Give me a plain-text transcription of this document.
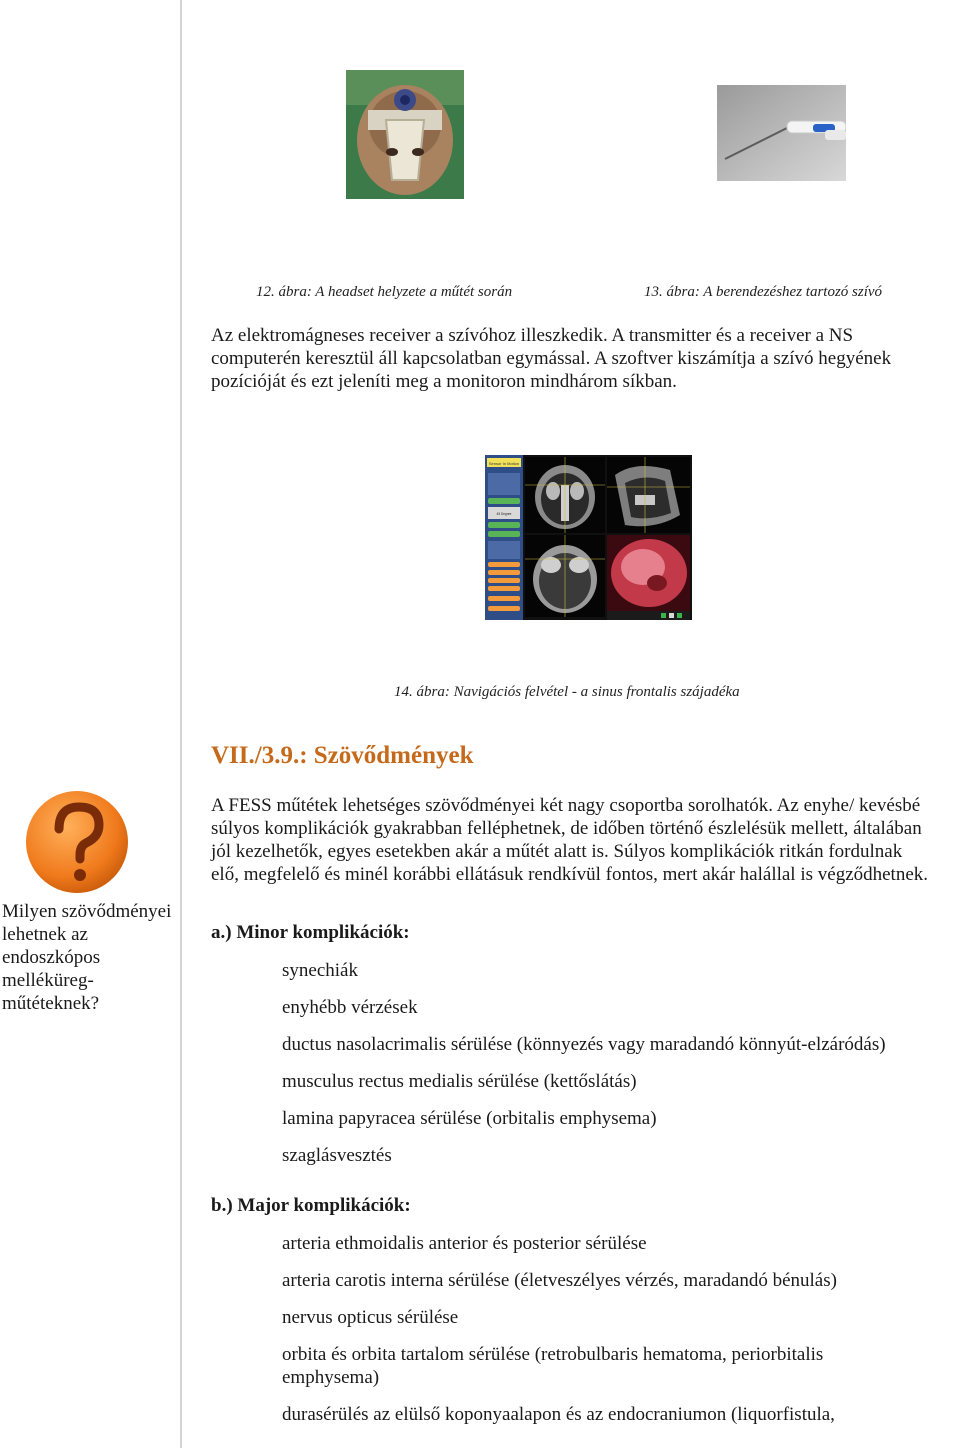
12. ábra: A headset helyzete a műtét során	13. ábra: A berendezéshez tartozó szívó

Az elektromágneses receiver a szívóhoz illeszkedik. A transmitter és a receiver a NS computerén keresztül áll kapcsolatban egymással. A szoftver kiszámítja a szívó hegyének pozícióját és ezt jeleníti meg a monitoron mindhárom síkban.

Sensor In Motion
45 Degree
14. ábra: Navigációs felvétel - a sinus frontalis szájadéka
VII./3.9.: Szövődmények

Milyen szövődményei lehetnek az endoszkópos melléküreg-műtéteknek?

A FESS műtétek lehetséges szövődményei két nagy csoportba sorolhatók. Az enyhe/ kevésbé súlyos komplikációk gyakrabban felléphetnek, de időben történő észlelésük mellett, általában jól kezelhetők, egyes esetekben akár a műtét alatt is. Súlyos komplikációk ritkán fordulnak elő, megfelelő és minél korábbi ellátásuk rendkívül fontos, mert akár halállal is végződhetnek.

a.) Minor komplikációk:

synechiák
enyhébb vérzések
ductus nasolacrimalis sérülése (könnyezés vagy maradandó könnyút-elzáródás)
musculus rectus medialis sérülése (kettőslátás)
lamina papyracea sérülése (orbitalis emphysema)
szaglásvesztés

b.) Major komplikációk:

arteria ethmoidalis anterior és posterior sérülése
arteria carotis interna sérülése (életveszélyes vérzés, maradandó bénulás)
nervus opticus sérülése
orbita és orbita tartalom sérülése (retrobulbaris hematoma, periorbitalis emphysema)
durasérülés az elülső koponyaalapon és az endocraniumon (liquorfistula,
